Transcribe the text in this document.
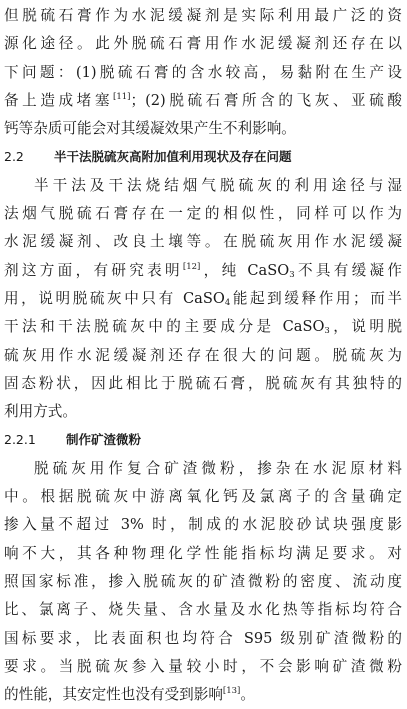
但脱硫石膏作为水泥缓凝剂是实际利用最广泛的资
源化途径。此外脱硫石膏用作水泥缓凝剂还存在以
下问题：(1)脱硫石膏的含水较高，易黏附在生产设
备上造成堵塞[11]；(2)脱硫石膏所含的飞灰、亚硫酸
钙等杂质可能会对其缓凝效果产生不利影响。
2.2 半干法脱硫灰高附加值利用现状及存在问题
半干法及干法烧结烟气脱硫灰的利用途径与湿
法烟气脱硫石膏存在一定的相似性，同样可以作为
水泥缓凝剂、改良土壤等。在脱硫灰用作水泥缓凝
剂这方面，有研究表明[12]，纯 CaSO$_3$不具有缓凝作
用，说明脱硫灰中只有 CaSO$_4$能起到缓释作用；而半
干法和干法脱硫灰中的主要成分是 CaSO$_3$，说明脱
硫灰用作水泥缓凝剂还存在很大的问题。脱硫灰为
固态粉状，因此相比于脱硫石膏，脱硫灰有其独特的
利用方式。
2.2.1 制作矿渣微粉
脱硫灰用作复合矿渣微粉，掺杂在水泥原材料
中。根据脱硫灰中游离氧化钙及氯离子的含量确定
掺入量不超过 3% 时，制成的水泥胶砂试块强度影
响不大，其各种物理化学性能指标均满足要求。对
照国家标准，掺入脱硫灰的矿渣微粉的密度、流动度
比、氯离子、烧失量、含水量及水化热等指标均符合
国标要求，比表面积也均符合 S95 级别矿渣微粉的
要求。当脱硫灰参入量较小时，不会影响矿渣微粉
的性能，其安定性也没有受到影响[13]。
